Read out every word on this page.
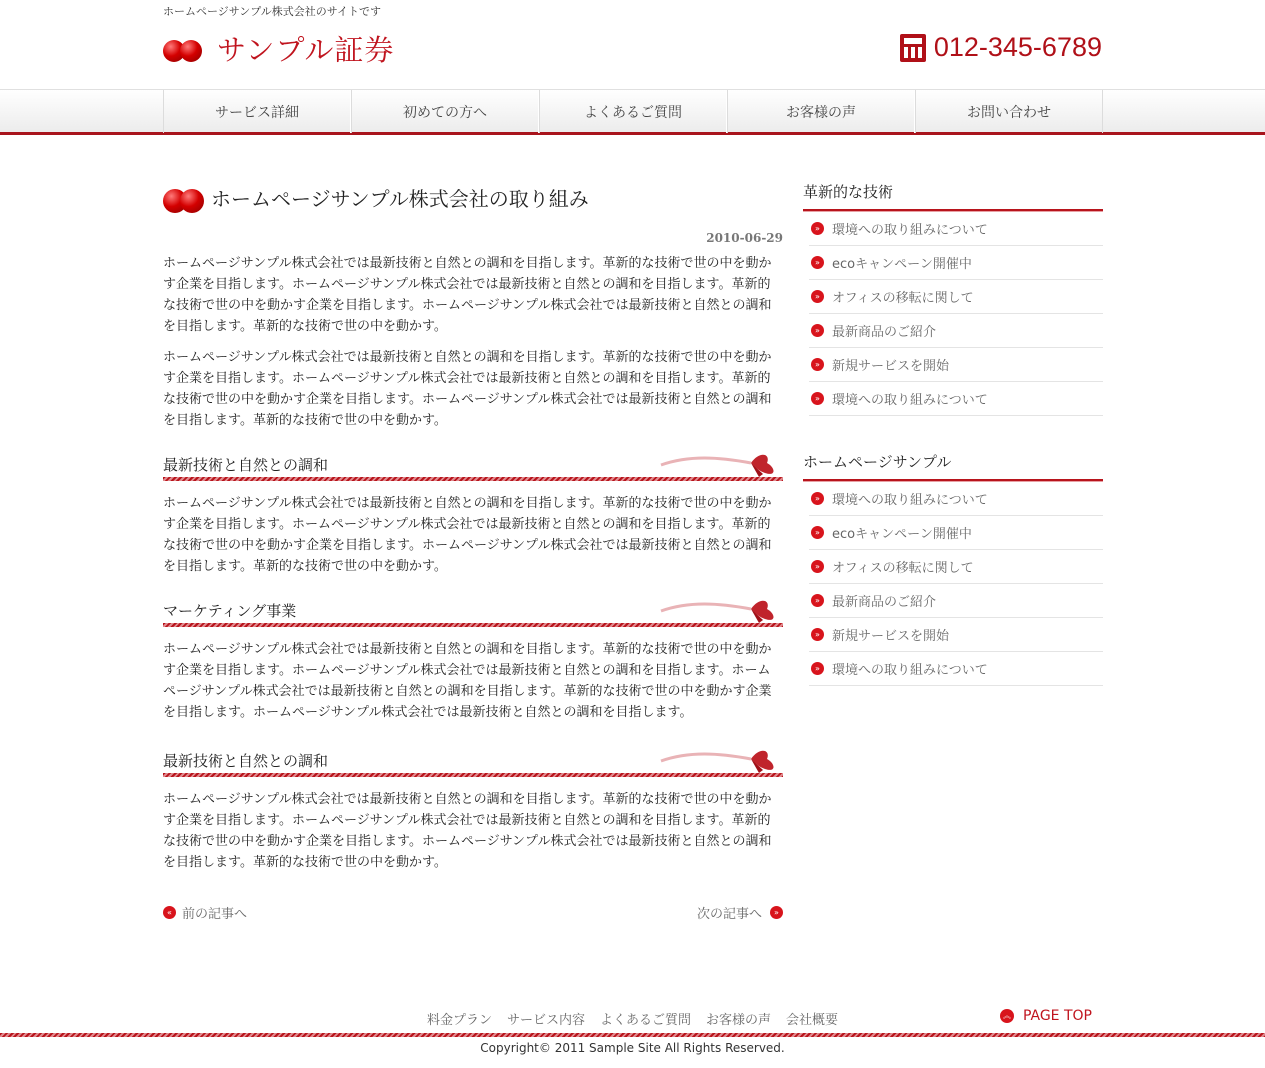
ホームページサンプル株式会社のサイトです
サンプル証券	012-345-6789
サービス詳細	初めての方へ	よくあるご質問	お客様の声	お問い合わせ
ホームページサンプル株式会社の取り組み
2010-06-29

ホームページサンプル株式会社では最新技術と自然との調和を目指します。革新的な技術で世の中を動かす企業を目指します。ホームページサンプル株式会社では最新技術と自然との調和を目指します。革新的な技術で世の中を動かす企業を目指します。ホームページサンプル株式会社では最新技術と自然との調和を目指します。革新的な技術で世の中を動かす。

ホームページサンプル株式会社では最新技術と自然との調和を目指します。革新的な技術で世の中を動かす企業を目指します。ホームページサンプル株式会社では最新技術と自然との調和を目指します。革新的な技術で世の中を動かす企業を目指します。ホームページサンプル株式会社では最新技術と自然との調和を目指します。革新的な技術で世の中を動かす。

最新技術と自然との調和

ホームページサンプル株式会社では最新技術と自然との調和を目指します。革新的な技術で世の中を動かす企業を目指します。ホームページサンプル株式会社では最新技術と自然との調和を目指します。革新的な技術で世の中を動かす企業を目指します。ホームページサンプル株式会社では最新技術と自然との調和を目指します。革新的な技術で世の中を動かす。

マーケティング事業

ホームページサンプル株式会社では最新技術と自然との調和を目指します。革新的な技術で世の中を動かす企業を目指します。ホームページサンプル株式会社では最新技術と自然との調和を目指します。ホームページサンプル株式会社では最新技術と自然との調和を目指します。革新的な技術で世の中を動かす企業を目指します。ホームページサンプル株式会社では最新技術と自然との調和を目指します。

最新技術と自然との調和

ホームページサンプル株式会社では最新技術と自然との調和を目指します。革新的な技術で世の中を動かす企業を目指します。ホームページサンプル株式会社では最新技術と自然との調和を目指します。革新的な技術で世の中を動かす企業を目指します。ホームページサンプル株式会社では最新技術と自然との調和を目指します。革新的な技術で世の中を動かす。

« 前の記事へ	次の記事へ	»
革新的な技術
» 環境への取り組みについて
» ecoキャンペーン開催中
» オフィスの移転に関して
» 最新商品のご紹介
» 新規サービスを開始
» 環境への取り組みについて
ホームページサンプル
» 環境への取り組みについて
» ecoキャンペーン開催中
» オフィスの移転に関して
» 最新商品のご紹介
» 新規サービスを開始
» 環境への取り組みについて
料金プラン サービス内容 よくあるご質問 お客様の声 会社概要	︽ PAGE TOP
Copyright© 2011 Sample Site All Rights Reserved.
